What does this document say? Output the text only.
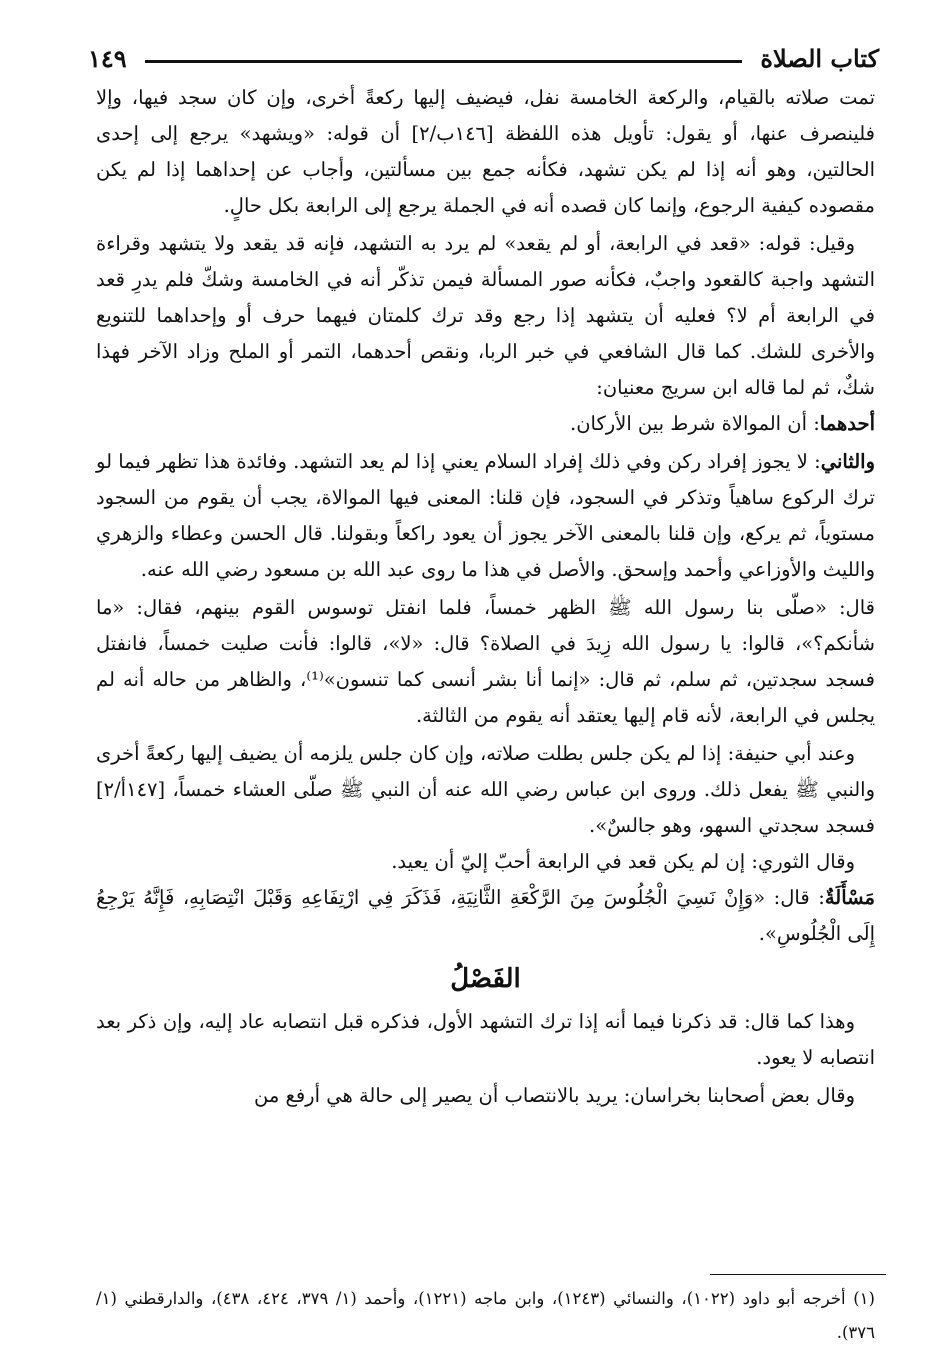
كتاب الصلاة
١٤٩

تمت صلاته بالقيام، والركعة الخامسة نفل، فيضيف إليها ركعةً أخرى، وإن كان سجد فيها، وإلا فلينصرف عنها، أو يقول: تأويل هذه اللفظة [١٤٦ب/٢] أن قوله: «ويشهد» يرجع إلى إحدى الحالتين، وهو أنه إذا لم يكن تشهد، فكأنه جمع بين مسألتين، وأجاب عن إحداهما إذا لم يكن مقصوده كيفية الرجوع، وإنما كان قصده أنه في الجملة يرجع إلى الرابعة بكل حالٍ.

وقيل: قوله: «قعد في الرابعة، أو لم يقعد» لم يرد به التشهد، فإنه قد يقعد ولا يتشهد وقراءة التشهد واجبة كالقعود واجبٌ، فكأنه صور المسألة فيمن تذكّر أنه في الخامسة وشكّ فلم يدرِ قعد في الرابعة أم لا؟ فعليه أن يتشهد إذا رجع وقد ترك كلمتان فيهما حرف أو وإحداهما للتنويع والأخرى للشك. كما قال الشافعي في خبر الربا، ونقص أحدهما، التمر أو الملح وزاد الآخر فهذا شكٌ، ثم لما قاله ابن سريج معنيان:

أحدهما: أن الموالاة شرط بين الأركان.

والثاني: لا يجوز إفراد ركن وفي ذلك إفراد السلام يعني إذا لم يعد التشهد. وفائدة هذا تظهر فيما لو ترك الركوع ساهياً وتذكر في السجود، فإن قلنا: المعنى فيها الموالاة، يجب أن يقوم من السجود مستوياً، ثم يركع، وإن قلنا بالمعنى الآخر يجوز أن يعود راكعاً وبقولنا. قال الحسن وعطاء والزهري والليث والأوزاعي وأحمد وإسحق. والأصل في هذا ما روى عبد الله بن مسعود رضي الله عنه.

قال: «صلّى بنا رسول الله ﷺ الظهر خمساً، فلما انفتل توسوس القوم بينهم، فقال: «ما شأنكم؟»، قالوا: يا رسول الله زِيدَ في الصلاة؟ قال: «لا»، قالوا: فأنت صليت خمساً، فانفتل فسجد سجدتين، ثم سلم، ثم قال: «إنما أنا بشر أنسى كما تنسون»⁽¹⁾، والظاهر من حاله أنه لم يجلس في الرابعة، لأنه قام إليها يعتقد أنه يقوم من الثالثة.

وعند أبي حنيفة: إذا لم يكن جلس بطلت صلاته، وإن كان جلس يلزمه أن يضيف إليها ركعةً أخرى والنبي ﷺ يفعل ذلك. وروى ابن عباس رضي الله عنه أن النبي ﷺ صلّى العشاء خمساً، [١٤٧أ/٢] فسجد سجدتي السهو، وهو جالسٌ».

وقال الثوري: إن لم يكن قعد في الرابعة أحبّ إليّ أن يعيد.

مَسْأَلَةٌ: قال: «وَإِنْ نَسِيَ الْجُلُوسَ مِنَ الرَّكْعَةِ الثَّانِيَةِ، فَذَكَرَ فِي ارْتِفَاعِهِ وَقَبْلَ انْتِصَابِهِ، فَإِنَّهُ يَرْجِعُ إِلَى الْجُلُوسِ».

الفَصْلُ

وهذا كما قال: قد ذكرنا فيما أنه إذا ترك التشهد الأول، فذكره قبل انتصابه عاد إليه، وإن ذكر بعد انتصابه لا يعود.

وقال بعض أصحابنا بخراسان: يريد بالانتصاب أن يصير إلى حالة هي أرفع من

(١) أخرجه أبو داود (١٠٢٢)، والنسائي (١٢٤٣)، وابن ماجه (١٢٢١)، وأحمد (١/ ٣٧٩، ٤٢٤، ٤٣٨)، والدارقطني (١/ ٣٧٦).
